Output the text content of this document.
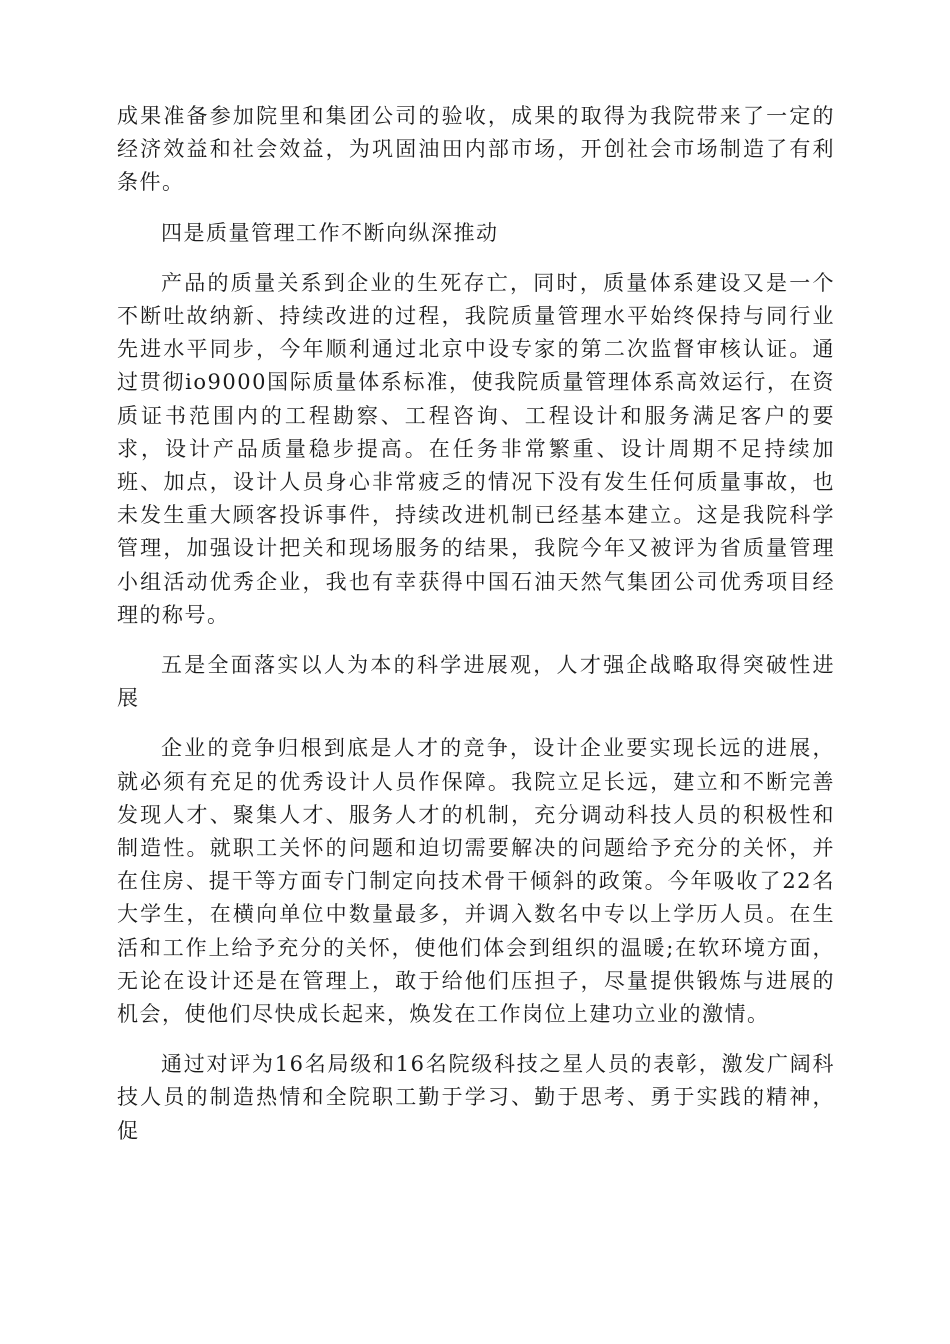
成果准备参加院里和集团公司的验收，成果的取得为我院带来了一定的经济效益和社会效益，为巩固油田内部市场，开创社会市场制造了有利条件。

四是质量管理工作不断向纵深推动

产品的质量关系到企业的生死存亡，同时，质量体系建设又是一个不断吐故纳新、持续改进的过程，我院质量管理水平始终保持与同行业先进水平同步，今年顺利通过北京中设专家的第二次监督审核认证。通过贯彻io9000国际质量体系标准，使我院质量管理体系高效运行，在资质证书范围内的工程勘察、工程咨询、工程设计和服务满足客户的要求，设计产品质量稳步提高。在任务非常繁重、设计周期不足持续加班、加点，设计人员身心非常疲乏的情况下没有发生任何质量事故，也未发生重大顾客投诉事件，持续改进机制已经基本建立。这是我院科学管理，加强设计把关和现场服务的结果，我院今年又被评为省质量管理小组活动优秀企业，我也有幸获得中国石油天然气集团公司优秀项目经理的称号。

五是全面落实以人为本的科学进展观，人才强企战略取得突破性进展

企业的竞争归根到底是人才的竞争，设计企业要实现长远的进展，就必须有充足的优秀设计人员作保障。我院立足长远，建立和不断完善发现人才、聚集人才、服务人才的机制，充分调动科技人员的积极性和制造性。就职工关怀的问题和迫切需要解决的问题给予充分的关怀，并在住房、提干等方面专门制定向技术骨干倾斜的政策。今年吸收了22名大学生，在横向单位中数量最多，并调入数名中专以上学历人员。在生活和工作上给予充分的关怀，使他们体会到组织的温暖;在软环境方面，无论在设计还是在管理上，敢于给他们压担子，尽量提供锻炼与进展的机会，使他们尽快成长起来，焕发在工作岗位上建功立业的激情。

通过对评为16名局级和16名院级科技之星人员的表彰，激发广阔科技人员的制造热情和全院职工勤于学习、勤于思考、勇于实践的精神，促
